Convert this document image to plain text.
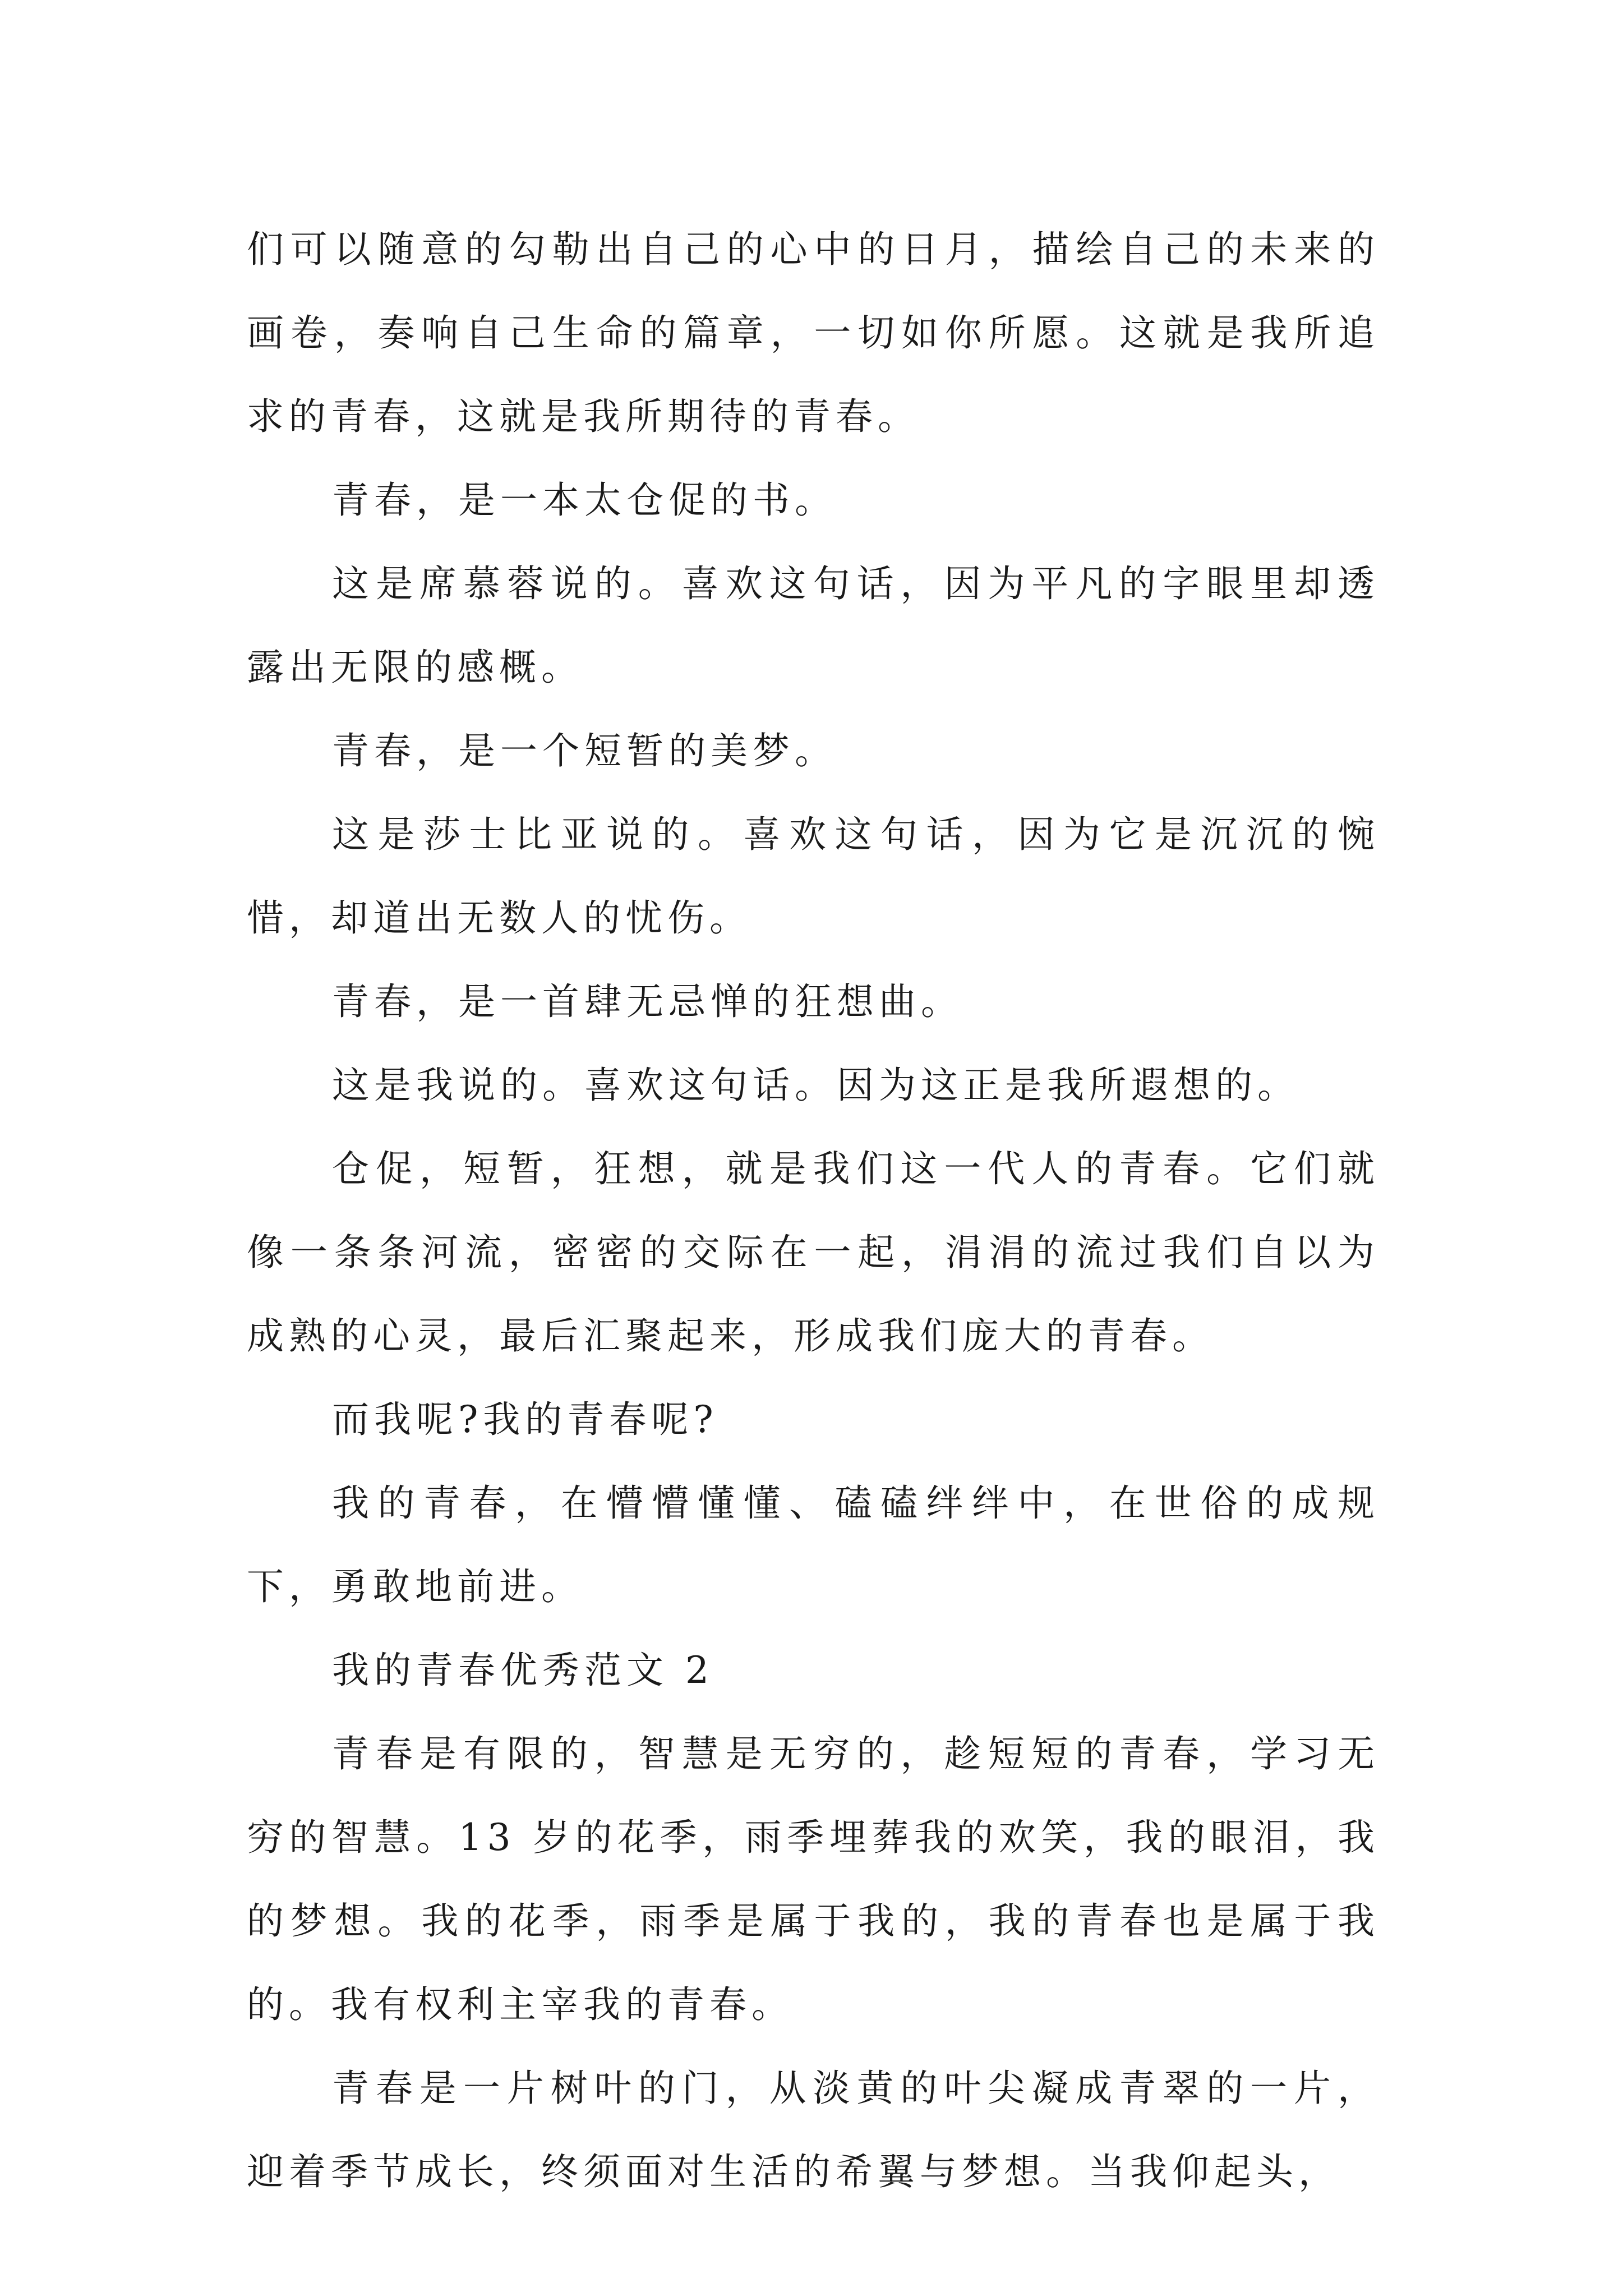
们可以随意的勾勒出自己的心中的日月，描绘自己的未来的画卷，奏响自己生命的篇章，一切如你所愿。这就是我所追求的青春，这就是我所期待的青春。

青春，是一本太仓促的书。

这是席慕蓉说的。喜欢这句话，因为平凡的字眼里却透露出无限的感概。

青春，是一个短暂的美梦。

这是莎士比亚说的。喜欢这句话，因为它是沉沉的惋惜，却道出无数人的忧伤。

青春，是一首肆无忌惮的狂想曲。

这是我说的。喜欢这句话。因为这正是我所遐想的。

仓促，短暂，狂想，就是我们这一代人的青春。它们就像一条条河流，密密的交际在一起，涓涓的流过我们自以为成熟的心灵，最后汇聚起来，形成我们庞大的青春。

而我呢?我的青春呢?

我的青春，在懵懵懂懂、磕磕绊绊中，在世俗的成规下，勇敢地前进。

我的青春优秀范文 2

青春是有限的，智慧是无穷的，趁短短的青春，学习无穷的智慧。13 岁的花季，雨季埋葬我的欢笑，我的眼泪，我的梦想。我的花季，雨季是属于我的，我的青春也是属于我的。我有权利主宰我的青春。

青春是一片树叶的门，从淡黄的叶尖凝成青翠的一片，迎着季节成长，终须面对生活的希翼与梦想。当我仰起头，
